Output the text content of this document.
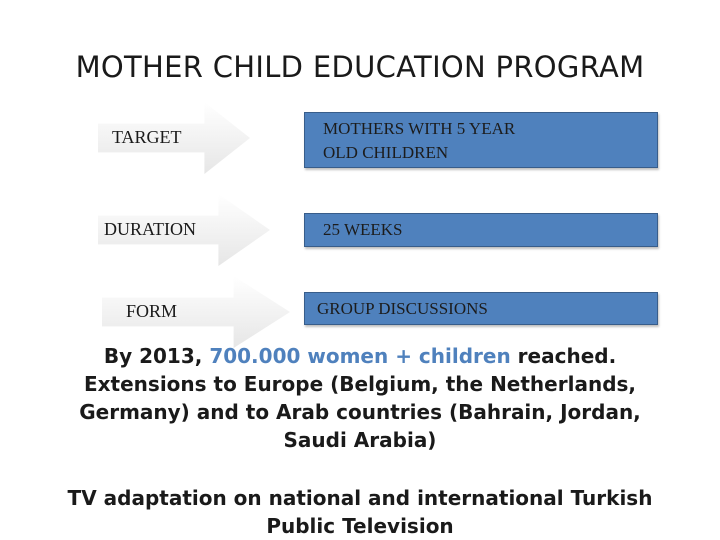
MOTHER CHILD EDUCATION PROGRAM
TARGET	MOTHERS WITH 5 YEAR
OLD CHILDREN
DURATION	25 WEEKS
FORM	GROUP DISCUSSIONS
By 2013, 700.000 women + children reached.
Extensions to Europe (Belgium, the Netherlands,
Germany) and to Arab countries (Bahrain, Jordan,
Saudi Arabia)
TV adaptation on national and international Turkish
Public Television
